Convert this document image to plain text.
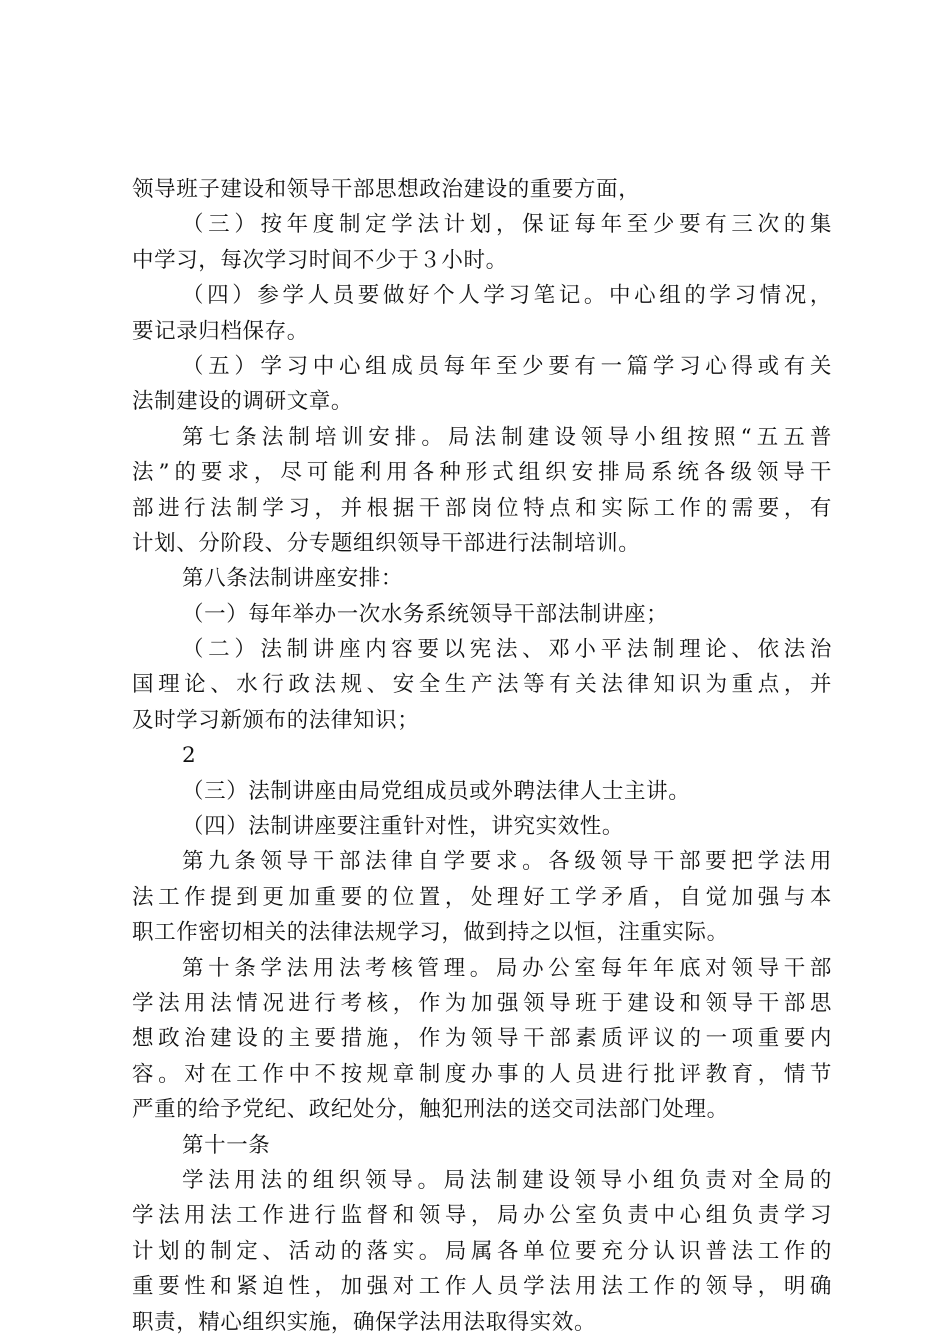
领导班子建设和领导干部思想政治建设的重要方面，
（三）按年度制定学法计划，保证每年至少要有三次的集
中学习，每次学习时间不少于３小时。
（四）参学人员要做好个人学习笔记。中心组的学习情况，
要记录归档保存。
（五）学习中心组成员每年至少要有一篇学习心得或有关
法制建设的调研文章。
第七条法制培训安排。局法制建设领导小组按照“五五普
法”的要求，尽可能利用各种形式组织安排局系统各级领导干
部进行法制学习，并根据干部岗位特点和实际工作的需要，有
计划、分阶段、分专题组织领导干部进行法制培训。
第八条法制讲座安排：
（一）每年举办一次水务系统领导干部法制讲座；
（二）法制讲座内容要以宪法、邓小平法制理论、依法治
国理论、水行政法规、安全生产法等有关法律知识为重点，并
及时学习新颁布的法律知识；
2
（三）法制讲座由局党组成员或外聘法律人士主讲。
（四）法制讲座要注重针对性，讲究实效性。
第九条领导干部法律自学要求。各级领导干部要把学法用
法工作提到更加重要的位置，处理好工学矛盾，自觉加强与本
职工作密切相关的法律法规学习，做到持之以恒，注重实际。
第十条学法用法考核管理。局办公室每年年底对领导干部
学法用法情况进行考核，作为加强领导班于建设和领导干部思
想政治建设的主要措施，作为领导干部素质评议的一项重要内
容。对在工作中不按规章制度办事的人员进行批评教育，情节
严重的给予党纪、政纪处分，触犯刑法的送交司法部门处理。
第十一条
学法用法的组织领导。局法制建设领导小组负责对全局的
学法用法工作进行监督和领导，局办公室负责中心组负责学习
计划的制定、活动的落实。局属各单位要充分认识普法工作的
重要性和紧迫性，加强对工作人员学法用法工作的领导，明确
职责，精心组织实施，确保学法用法取得实效。
